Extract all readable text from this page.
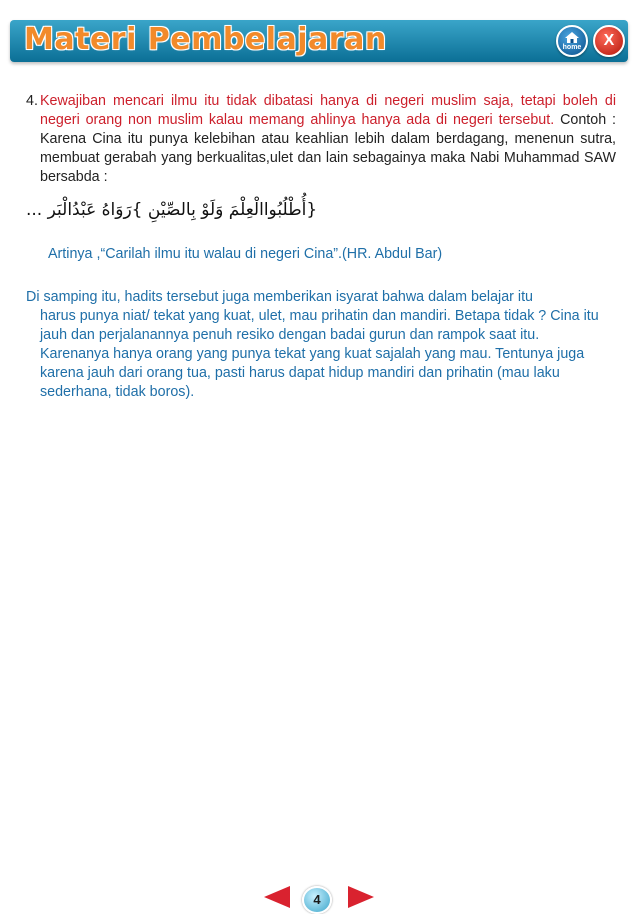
Materi Pembelajaran	home	X
4. Kewajiban mencari ilmu itu tidak dibatasi hanya di negeri muslim saja, tetapi boleh di negeri orang non muslim kalau memang ahlinya hanya ada di negeri tersebut. Contoh : Karena Cina itu punya kelebihan atau keahlian lebih dalam berdagang, menenun sutra, membuat gerabah yang berkualitas,ulet dan lain sebagainya maka Nabi Muhammad SAW bersabda :
{أُطْلُبُواالْعِلْمَ وَلَوْ بِالصِّيْنِ }رَوَاهُ عَبْدُالْبَر ...
Artinya ,“Carilah ilmu itu walau di negeri Cina”.(HR. Abdul Bar)
Di samping itu, hadits tersebut juga memberikan isyarat bahwa dalam belajar itu
harus punya niat/ tekat yang kuat, ulet, mau prihatin dan mandiri. Betapa tidak ? Cina itu jauh dan perjalanannya penuh resiko dengan badai gurun dan rampok saat itu. Karenanya hanya orang yang punya tekat yang kuat sajalah yang mau. Tentunya juga karena jauh dari orang tua, pasti harus dapat hidup mandiri dan prihatin (mau laku sederhana, tidak boros).
4
